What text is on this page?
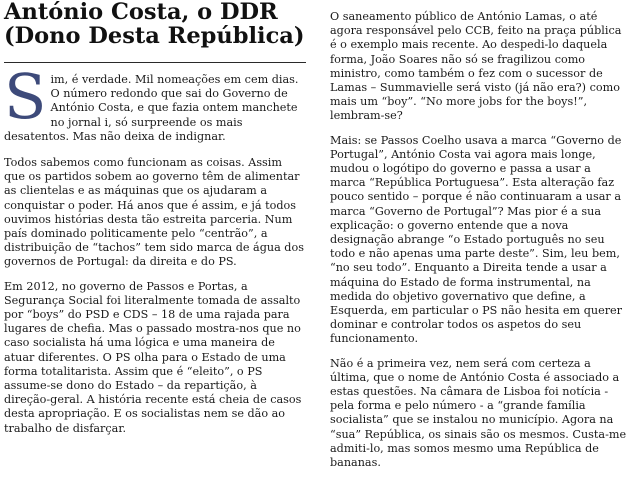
António Costa, o DDR (Dono Desta República)

Sim, é verdade. Mil nomeações em cem dias. O número redondo que sai do Governo de António Costa, e que fazia ontem manchete no jornal i, só surpreende os mais desatentos. Mas não deixa de indignar.

Todos sabemos como funcionam as coisas. Assim que os partidos sobem ao governo têm de alimentar as clientelas e as máquinas que os ajudaram a conquistar o poder. Há anos que é assim, e já todos ouvimos histórias desta tão estreita parceria. Num país dominado politicamente pelo “centrão”, a distribuição de “tachos” tem sido marca de água dos governos de Portugal: da direita e do PS.

Em 2012, no governo de Passos e Portas, a Segurança Social foi literalmente tomada de assalto por “boys” do PSD e CDS – 18 de uma rajada para lugares de chefia. Mas o passado mostra-nos que no caso socialista há uma lógica e uma maneira de atuar diferentes. O PS olha para o Estado de uma forma totalitarista. Assim que é “eleito”, o PS assume-se dono do Estado – da repartição, à direção-geral. A história recente está cheia de casos desta apropriação. E os socialistas nem se dão ao trabalho de disfarçar.

O saneamento público de António Lamas, o até agora responsável pelo CCB, feito na praça pública é o exemplo mais recente. Ao despedi-lo daquela forma, João Soares não só se fragilizou como ministro, como também o fez com o sucessor de Lamas – Summavielle será visto (já não era?) como mais um “boy”. “No more jobs for the boys!”, lembram-se?

Mais: se Passos Coelho usava a marca “Governo de Portugal”, António Costa vai agora mais longe, mudou o logótipo do governo e passa a usar a marca “República Portuguesa”. Esta alteração faz pouco sentido – porque é não continuaram a usar a marca “Governo de Portugal”? Mas pior é a sua explicação: o governo entende que a nova designação abrange “o Estado português no seu todo e não apenas uma parte deste”. Sim, leu bem, “no seu todo”. Enquanto a Direita tende a usar a máquina do Estado de forma instrumental, na medida do objetivo governativo que define, a Esquerda, em particular o PS não hesita em querer dominar e controlar todos os aspetos do seu funcionamento.

Não é a primeira vez, nem será com certeza a última, que o nome de António Costa é associado a estas questões. Na câmara de Lisboa foi notícia - pela forma e pelo número - a “grande família socialista” que se instalou no município. Agora na “sua” República, os sinais são os mesmos. Custa-me admiti-lo, mas somos mesmo uma República de bananas.
